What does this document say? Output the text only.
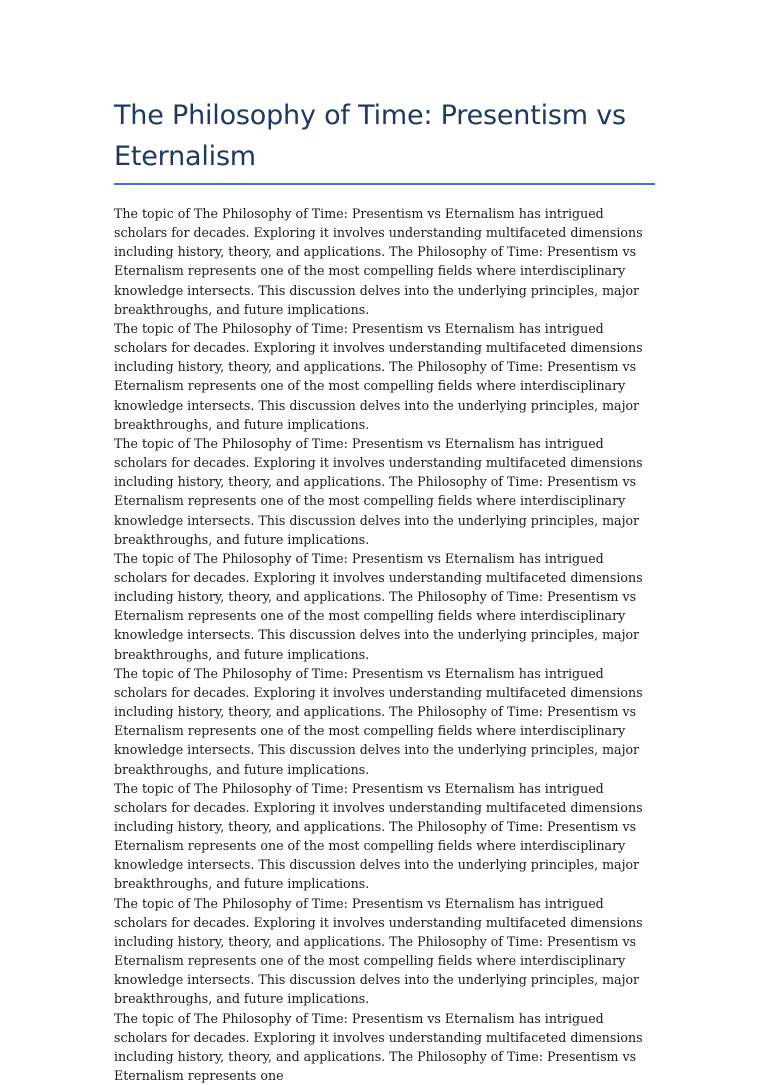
The Philosophy of Time: Presentism vs Eternalism

The topic of The Philosophy of Time: Presentism vs Eternalism has intrigued scholars for decades. Exploring it involves understanding multifaceted dimensions including history, theory, and applications. The Philosophy of Time: Presentism vs Eternalism represents one of the most compelling fields where interdisciplinary knowledge intersects. This discussion delves into the underlying principles, major breakthroughs, and future implications.

The topic of The Philosophy of Time: Presentism vs Eternalism has intrigued scholars for decades. Exploring it involves understanding multifaceted dimensions including history, theory, and applications. The Philosophy of Time: Presentism vs Eternalism represents one of the most compelling fields where interdisciplinary knowledge intersects. This discussion delves into the underlying principles, major breakthroughs, and future implications.

The topic of The Philosophy of Time: Presentism vs Eternalism has intrigued scholars for decades. Exploring it involves understanding multifaceted dimensions including history, theory, and applications. The Philosophy of Time: Presentism vs Eternalism represents one of the most compelling fields where interdisciplinary knowledge intersects. This discussion delves into the underlying principles, major breakthroughs, and future implications.

The topic of The Philosophy of Time: Presentism vs Eternalism has intrigued scholars for decades. Exploring it involves understanding multifaceted dimensions including history, theory, and applications. The Philosophy of Time: Presentism vs Eternalism represents one of the most compelling fields where interdisciplinary knowledge intersects. This discussion delves into the underlying principles, major breakthroughs, and future implications.

The topic of The Philosophy of Time: Presentism vs Eternalism has intrigued scholars for decades. Exploring it involves understanding multifaceted dimensions including history, theory, and applications. The Philosophy of Time: Presentism vs Eternalism represents one of the most compelling fields where interdisciplinary knowledge intersects. This discussion delves into the underlying principles, major breakthroughs, and future implications.

The topic of The Philosophy of Time: Presentism vs Eternalism has intrigued scholars for decades. Exploring it involves understanding multifaceted dimensions including history, theory, and applications. The Philosophy of Time: Presentism vs Eternalism represents one of the most compelling fields where interdisciplinary knowledge intersects. This discussion delves into the underlying principles, major breakthroughs, and future implications.

The topic of The Philosophy of Time: Presentism vs Eternalism has intrigued scholars for decades. Exploring it involves understanding multifaceted dimensions including history, theory, and applications. The Philosophy of Time: Presentism vs Eternalism represents one of the most compelling fields where interdisciplinary knowledge intersects. This discussion delves into the underlying principles, major breakthroughs, and future implications.

The topic of The Philosophy of Time: Presentism vs Eternalism has intrigued scholars for decades. Exploring it involves understanding multifaceted dimensions including history, theory, and applications. The Philosophy of Time: Presentism vs Eternalism represents one
